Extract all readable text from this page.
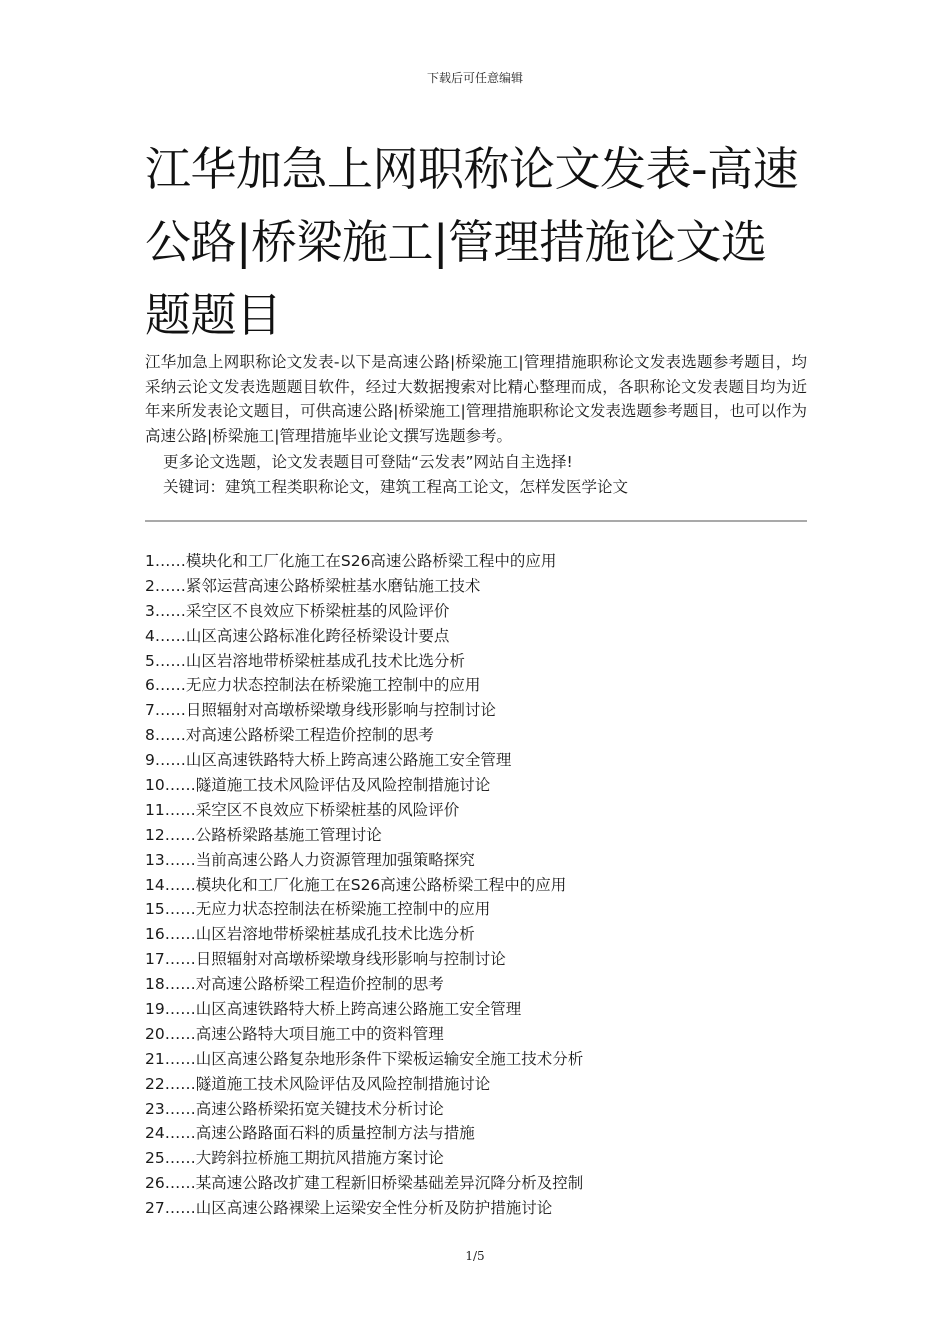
下载后可任意编辑
江华加急上网职称论文发表-高速公路|桥梁施工|管理措施论文选题题目

江华加急上网职称论文发表-以下是高速公路|桥梁施工|管理措施职称论文发表选题参考题目，均采纳云论文发表选题题目软件，经过大数据搜索对比精心整理而成，各职称论文发表题目均为近年来所发表论文题目，可供高速公路|桥梁施工|管理措施职称论文发表选题参考题目，也可以作为高速公路|桥梁施工|管理措施毕业论文撰写选题参考。

更多论文选题，论文发表题目可登陆“云发表”网站自主选择!

关键词：建筑工程类职称论文，建筑工程高工论文，怎样发医学论文

1……模块化和工厂化施工在S26高速公路桥梁工程中的应用
2……紧邻运营高速公路桥梁桩基水磨钻施工技术
3……采空区不良效应下桥梁桩基的风险评价
4……山区高速公路标准化跨径桥梁设计要点
5……山区岩溶地带桥梁桩基成孔技术比选分析
6……无应力状态控制法在桥梁施工控制中的应用
7……日照辐射对高墩桥梁墩身线形影响与控制讨论
8……对高速公路桥梁工程造价控制的思考
9……山区高速铁路特大桥上跨高速公路施工安全管理
10……隧道施工技术风险评估及风险控制措施讨论
11……采空区不良效应下桥梁桩基的风险评价
12……公路桥梁路基施工管理讨论
13……当前高速公路人力资源管理加强策略探究
14……模块化和工厂化施工在S26高速公路桥梁工程中的应用
15……无应力状态控制法在桥梁施工控制中的应用
16……山区岩溶地带桥梁桩基成孔技术比选分析
17……日照辐射对高墩桥梁墩身线形影响与控制讨论
18……对高速公路桥梁工程造价控制的思考
19……山区高速铁路特大桥上跨高速公路施工安全管理
20……高速公路特大项目施工中的资料管理
21……山区高速公路复杂地形条件下梁板运输安全施工技术分析
22……隧道施工技术风险评估及风险控制措施讨论
23……高速公路桥梁拓宽关键技术分析讨论
24……高速公路路面石料的质量控制方法与措施
25……大跨斜拉桥施工期抗风措施方案讨论
26……某高速公路改扩建工程新旧桥梁基础差异沉降分析及控制
27……山区高速公路裸梁上运梁安全性分析及防护措施讨论
1/5
